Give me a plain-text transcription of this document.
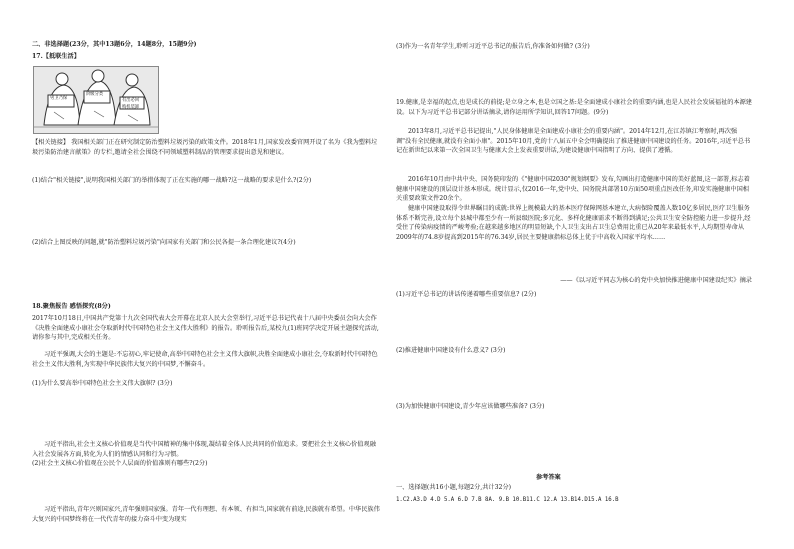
二、非选择题(23分，其中13题6分，14题8分，15题9分)
17.【抵联生活】
男卫乃保
阶级分类
有出必回
购机装卸
【相关链接】 我国相关部门正在研究制定防治塑料垃圾污染的政策文件。2018年1月,国家发改委官网开设了名为《我为塑料垃圾污染防治建言献策》的专栏,邀请全社会围绕不同领域塑料制品的管理要求提出意见和建议。
(1)结合"相关链接",说明我国相关部门的举措体现了正在实施的哪一战略?这一战略的要求是什么?(2分)
(2)结合上图反映的问题,就"防治塑料垃圾污染"向国家有关部门和公民各提一条合理化建议?(4分)
18.聚焦报告 感悟探究(8分)
2017年10月18日,中国共产党第十九次全国代表大会开幕在北京人民大会堂举行,习近平总书记代表十八届中央委员会向大会作《决胜全面建成小康社会夺取新时代中国特色社会主义伟大胜利》的报告。聆听报告后,某校九(1)班同学决定开展主题探究活动,请你参与其中,完成相关任务。
习近平强调,大会的主题是:不忘初心,牢记使命,高举中国特色社会主义伟大旗帜,决胜全面建成小康社会,夺取新时代中国特色社会主义伟大胜利,为实现中华民族伟大复兴的中国梦,不懈奋斗。
(1)为什么要高举中国特色社会主义伟大旗帜? (3分)
习近平指出,社会主义核心价值观是当代中国精神的集中体现,凝结着全体人民共同的价值追求。要把社会主义核心价值观融入社会发展各方面,转化为人们的情感认同和行为习惯。
(2)社会主义核心价值观在公民个人层面的价值准则有哪些?(2分)
习近平指出,青年兴则国家兴,青年强则国家强。青年一代有理想、有本领、有担当,国家就有前途,民族就有希望。中华民族伟大复兴的中国梦终将在一代代青年的接力奋斗中变为现实
(3)作为一名青年学生,聆听习近平总书记的报告后,你准备如何做? (3分)
19.健康,是幸福的起点,也是成长的前提;是立身之本,也是立国之基:是全面建成小康社会的重要内涵,也是人民社会发展福祉的本源建设。以下为习近平总书记部分讲话摘录,请你运用所学知识,回答17问题。(9分)
2013年8月,习近平总书记提出,"人民身体健康是全面建成小康社会的重要内涵"。2014年12月,在江苏镇江考察时,再次强调"没有全民健康,就没有全面小康"。2015年10月,党的十八届五中全会明确提出了推进健康中国建设的任务。2016年,习近平总书记在新世纪以来第一次全国卫生与健康大会上发表重要讲话,为建设健康中国指明了方向、提供了遵循。
2016年10月由中共中央、国务院印发的《"健康中国2030"规划纲要》发布,勾画出打造健康中国的美好蓝图,这一部署,标志着健康中国建设的顶层设计基本形成。统计显示,仅2016一年,党中央、国务院共部署10方面50项重点医改任务,印发实施健康中国相关重要政策文件20余个。
健康中国建设取得令世界瞩目的成就:世界上规模最大的基本医疗保障网基本建立,大病保险覆盖人数10亿多居民,医疗卫生服务体系不断完善,设立每个县城中都至少有一所县级医院;多元化、多样化健康需求不断得到满足;公共卫生安全防控能力进一步提升,经受住了传染病疫情的严峻考验;在越来越多地区的明显短缺,个人卫生支出占卫生总费用比重已从20年来最低水平,人均期望寿命从2009年的74.8岁提高到2015年的76.34岁,居民主要健康指标总体上优于中高收入国家平均水……
——《以习近平同志为核心的党中央加快推进健康中国建设纪实》摘录
(1)习近平总书记的讲话传递着哪些重要信息? (2分)
(2)推进健康中国建设有什么意义? (3分)
(3)为加快健康中国建设,青少年应该做哪些准备? (3分)
参考答案
一、选择题(共16小题,每题2分,共计32分)
1.C2.A3.D 4.D 5.A 6.D 7.B 8A. 9.B 10.B11.C 12.A 13.B14.D15.A 16.B
